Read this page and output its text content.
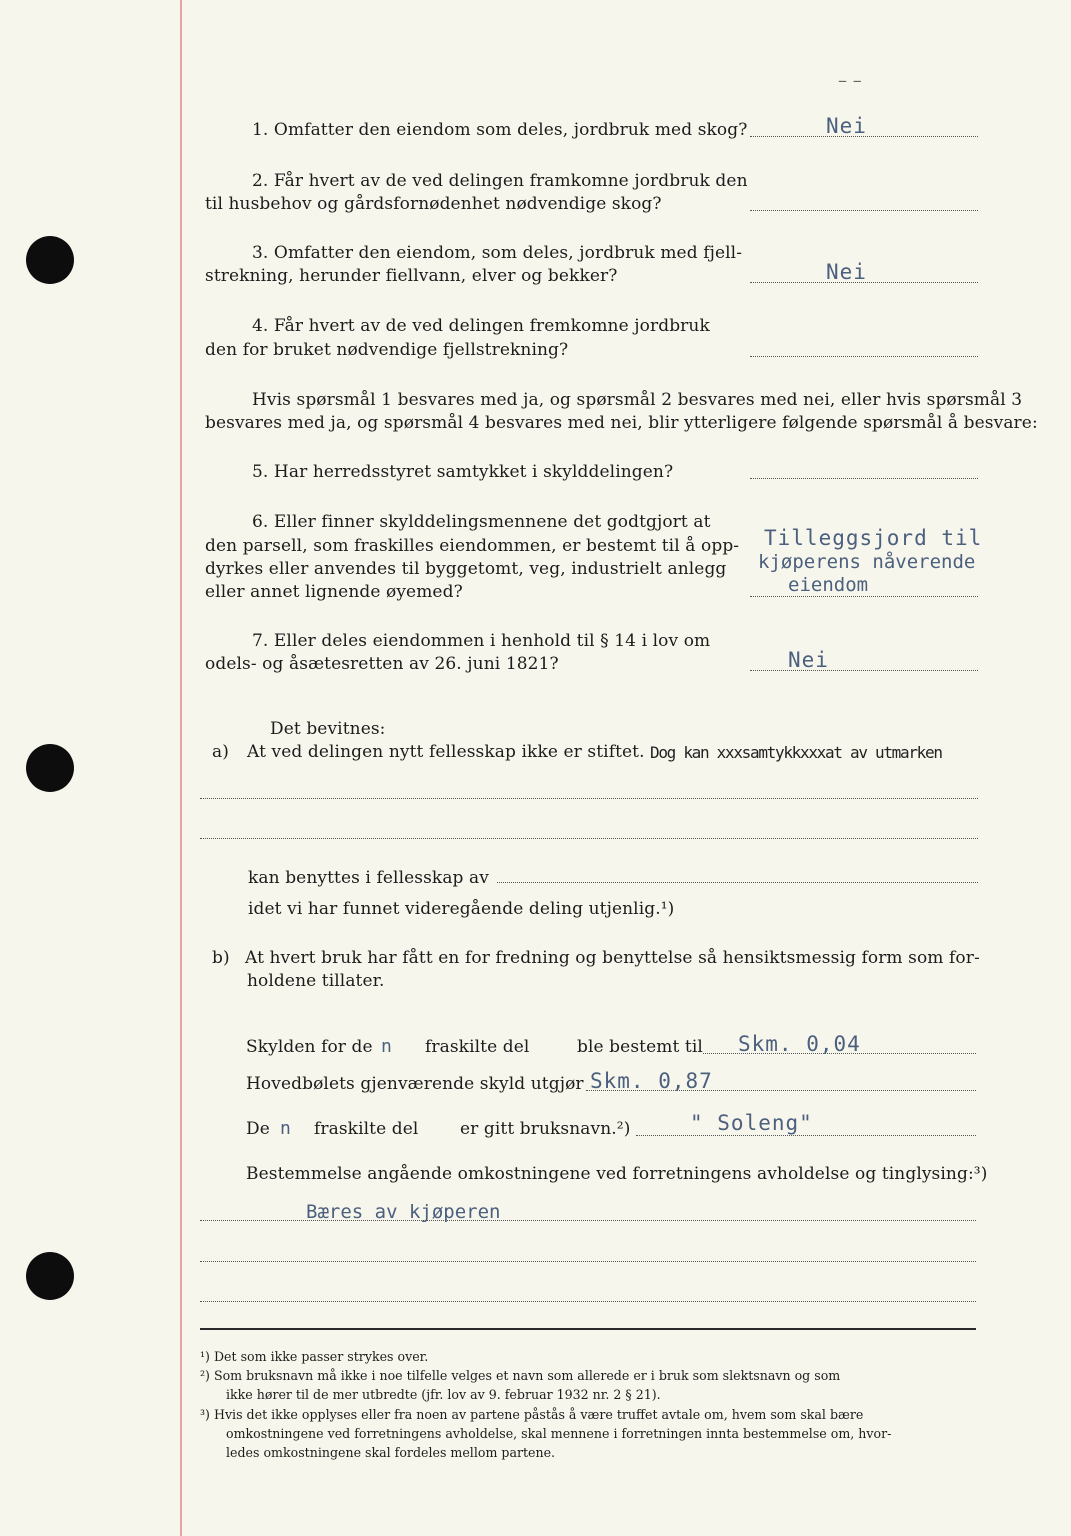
– –
1. Omfatter den eiendom som deles, jordbruk med skog?	Nei
2. Får hvert av de ved delingen framkomne jordbruk den
til husbehov og gårdsfornødenhet nødvendige skog?
3. Omfatter den eiendom, som deles, jordbruk med fjell-
strekning, herunder fiellvann, elver og bekker?	Nei
4. Får hvert av de ved delingen fremkomne jordbruk
den for bruket nødvendige fjellstrekning?
Hvis spørsmål 1 besvares med ja, og spørsmål 2 besvares med nei, eller hvis spørsmål 3
besvares med ja, og spørsmål 4 besvares med nei, blir ytterligere følgende spørsmål å besvare:
5. Har herredsstyret samtykket i skylddelingen?
6. Eller finner skylddelingsmennene det godtgjort at
den parsell, som fraskilles eiendommen, er bestemt til å opp-
dyrkes eller anvendes til byggetomt, veg, industrielt anlegg
eller annet lignende øyemed?
Tilleggsjord til
kjøperens nåverende
eiendom
7. Eller deles eiendommen i henhold til § 14 i lov om
odels- og åsætesretten av 26. juni 1821?	Nei
Det bevitnes:
a) At ved delingen nytt fellesskap ikke er stiftet. Dog kan xxxsamtykkxxxat av utmarken
kan benyttes i fellesskap av
idet vi har funnet videregående deling utjenlig.¹)
b) At hvert bruk har fått en for fredning og benyttelse så hensiktsmessig form som for-
holdene tillater.
Skylden for de n fraskilte del	ble bestemt til Skm. 0,04
Hovedbølets gjenværende skyld utgjør Skm. 0,87
De n fraskilte del er gitt bruksnavn.²)	" Soleng"
Bestemmelse angående omkostningene ved forretningens avholdelse og tinglysing:³)
Bæres av kjøperen
¹) Det som ikke passer strykes over.
²) Som bruksnavn må ikke i noe tilfelle velges et navn som allerede er i bruk som slektsnavn og som
ikke hører til de mer utbredte (jfr. lov av 9. februar 1932 nr. 2 § 21).
³) Hvis det ikke opplyses eller fra noen av partene påstås å være truffet avtale om, hvem som skal bære
omkostningene ved forretningens avholdelse, skal mennene i forretningen innta bestemmelse om, hvor-
ledes omkostningene skal fordeles mellom partene.
